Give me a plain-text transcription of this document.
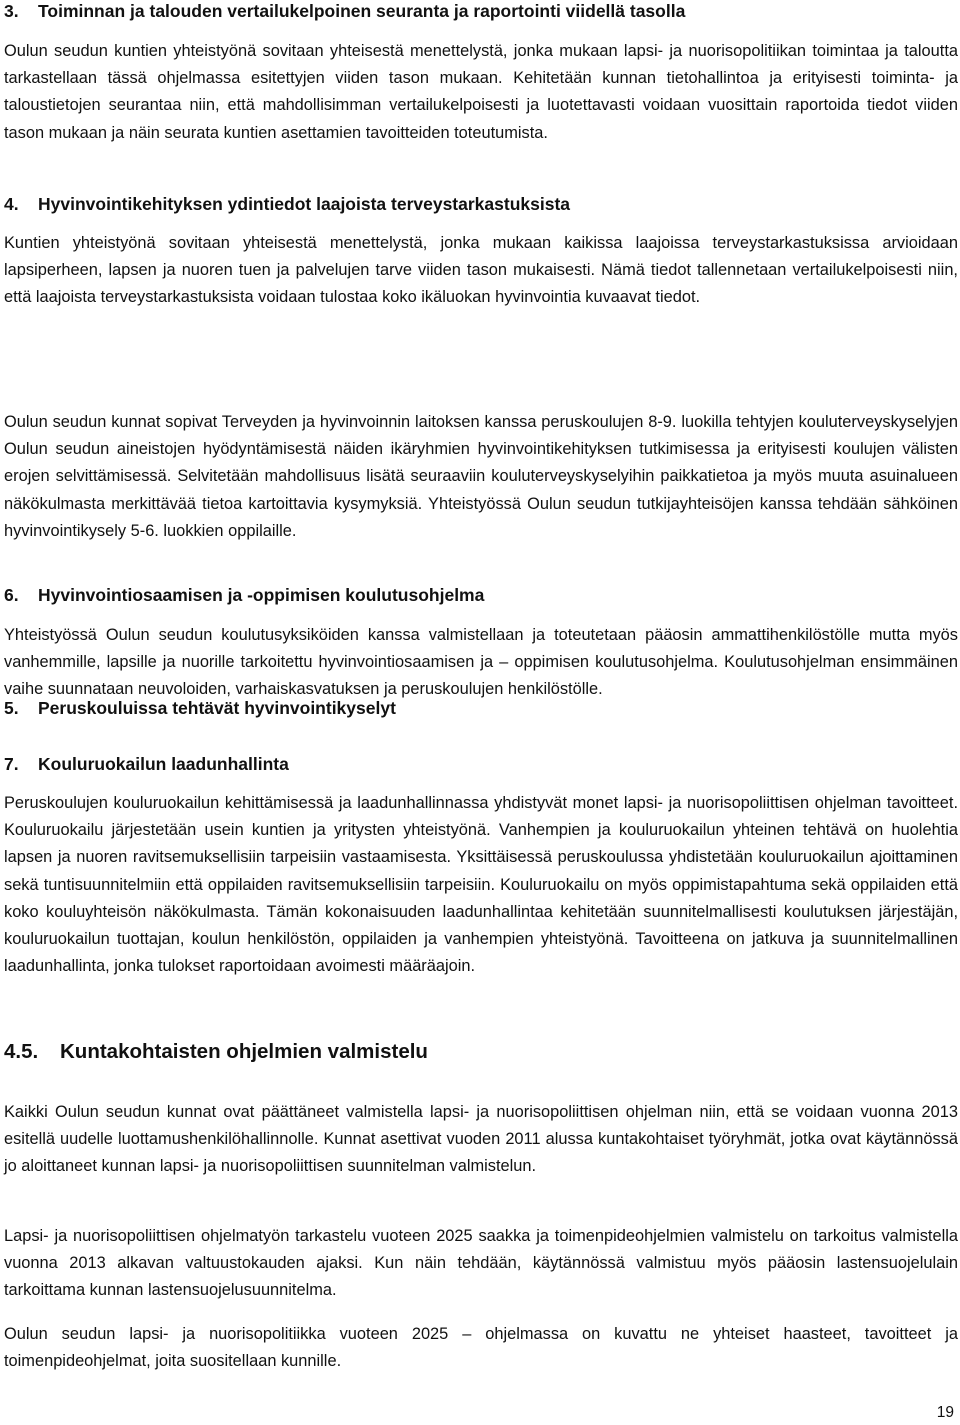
3. Toiminnan ja talouden vertailukelpoinen seuranta ja raportointi viidellä tasolla

Oulun seudun kuntien yhteistyönä sovitaan yhteisestä menettelystä, jonka mukaan lapsi- ja nuorisopolitiikan toimintaa ja taloutta tarkastellaan tässä ohjelmassa esitettyjen viiden tason mukaan. Kehitetään kunnan tietohallintoa ja erityisesti toiminta- ja taloustietojen seurantaa niin, että mahdollisimman vertailukelpoisesti ja luotettavasti voidaan vuosittain raportoida tiedot viiden tason mukaan ja näin seurata kuntien asettamien tavoitteiden toteutumista.

4. Hyvinvointikehityksen ydintiedot laajoista terveystarkastuksista

Kuntien yhteistyönä sovitaan yhteisestä menettelystä, jonka mukaan kaikissa laajoissa terveystarkastuksissa arvioidaan lapsiperheen, lapsen ja nuoren tuen ja palvelujen tarve viiden tason mukaisesti. Nämä tiedot tallennetaan vertailukelpoisesti niin, että laajoista terveystarkastuksista voidaan tulostaa koko ikäluokan hyvinvointia kuvaavat tiedot.

5. Peruskouluissa tehtävät hyvinvointikyselyt

Oulun seudun kunnat sopivat Terveyden ja hyvinvoinnin laitoksen kanssa peruskoulujen 8-9. luokilla tehtyjen kouluterveyskyselyjen Oulun seudun aineistojen hyödyntämisestä näiden ikäryhmien hyvinvointikehityksen tutkimisessa ja erityisesti koulujen välisten erojen selvittämisessä. Selvitetään mahdollisuus lisätä seuraaviin kouluterveyskyselyihin paikkatietoa ja myös muuta asuinalueen näkökulmasta merkittävää tietoa kartoittavia kysymyksiä. Yhteistyössä Oulun seudun tutkijayhteisöjen kanssa tehdään sähköinen hyvinvointikysely 5-6. luokkien oppilaille.

6. Hyvinvointiosaamisen ja -oppimisen koulutusohjelma

Yhteistyössä Oulun seudun koulutusyksiköiden kanssa valmistellaan ja toteutetaan pääosin ammattihenkilöstölle mutta myös vanhemmille, lapsille ja nuorille tarkoitettu hyvinvointiosaamisen ja – oppimisen koulutusohjelma. Koulutusohjelman ensimmäinen vaihe suunnataan neuvoloiden, varhaiskasvatuksen ja peruskoulujen henkilöstölle.

7. Kouluruokailun laadunhallinta

Peruskoulujen kouluruokailun kehittämisessä ja laadunhallinnassa yhdistyvät monet lapsi- ja nuorisopoliittisen ohjelman tavoitteet. Kouluruokailu järjestetään usein kuntien ja yritysten yhteistyönä. Vanhempien ja kouluruokailun yhteinen tehtävä on huolehtia lapsen ja nuoren ravitsemuksellisiin tarpeisiin vastaamisesta. Yksittäisessä peruskoulussa yhdistetään kouluruokailun ajoittaminen sekä tuntisuunnitelmiin että oppilaiden ravitsemuksellisiin tarpeisiin. Kouluruokailu on myös oppimistapahtuma sekä oppilaiden että koko kouluyhteisön näkökulmasta. Tämän kokonaisuuden laadunhallintaa kehitetään suunnitelmallisesti koulutuksen järjestäjän, kouluruokailun tuottajan, koulun henkilöstön, oppilaiden ja vanhempien yhteistyönä. Tavoitteena on jatkuva ja suunnitelmallinen laadunhallinta, jonka tulokset raportoidaan avoimesti määräajoin.

4.5. Kuntakohtaisten ohjelmien valmistelu

Kaikki Oulun seudun kunnat ovat päättäneet valmistella lapsi- ja nuorisopoliittisen ohjelman niin, että se voidaan vuonna 2013 esitellä uudelle luottamushenkilöhallinnolle. Kunnat asettivat vuoden 2011 alussa kuntakohtaiset työryhmät, jotka ovat käytännössä jo aloittaneet kunnan lapsi- ja nuorisopoliittisen suunnitelman valmistelun.

Lapsi- ja nuorisopoliittisen ohjelmatyön tarkastelu vuoteen 2025 saakka ja toimenpideohjelmien valmistelu on tarkoitus valmistella vuonna 2013 alkavan valtuustokauden ajaksi. Kun näin tehdään, käytännössä valmistuu myös pääosin lastensuojelulain tarkoittama kunnan lastensuojelusuunnitelma.

Oulun seudun lapsi- ja nuorisopolitiikka vuoteen 2025 – ohjelmassa on kuvattu ne yhteiset haasteet, tavoitteet ja toimenpideohjelmat, joita suositellaan kunnille.

19
